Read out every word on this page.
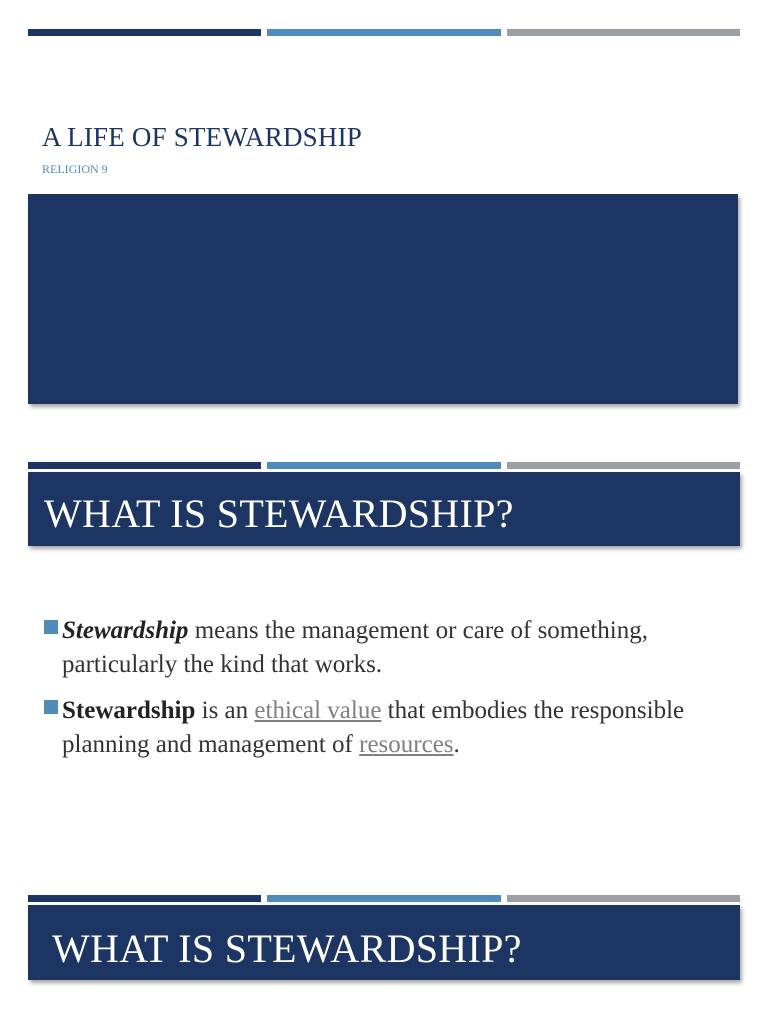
A LIFE OF STEWARDSHIP
RELIGION 9
WHAT IS STEWARDSHIP?
Stewardship means the management or care of something, particularly the kind that works.
Stewardship is an ethical value that embodies the responsible planning and management of resources.
WHAT IS STEWARDSHIP?
